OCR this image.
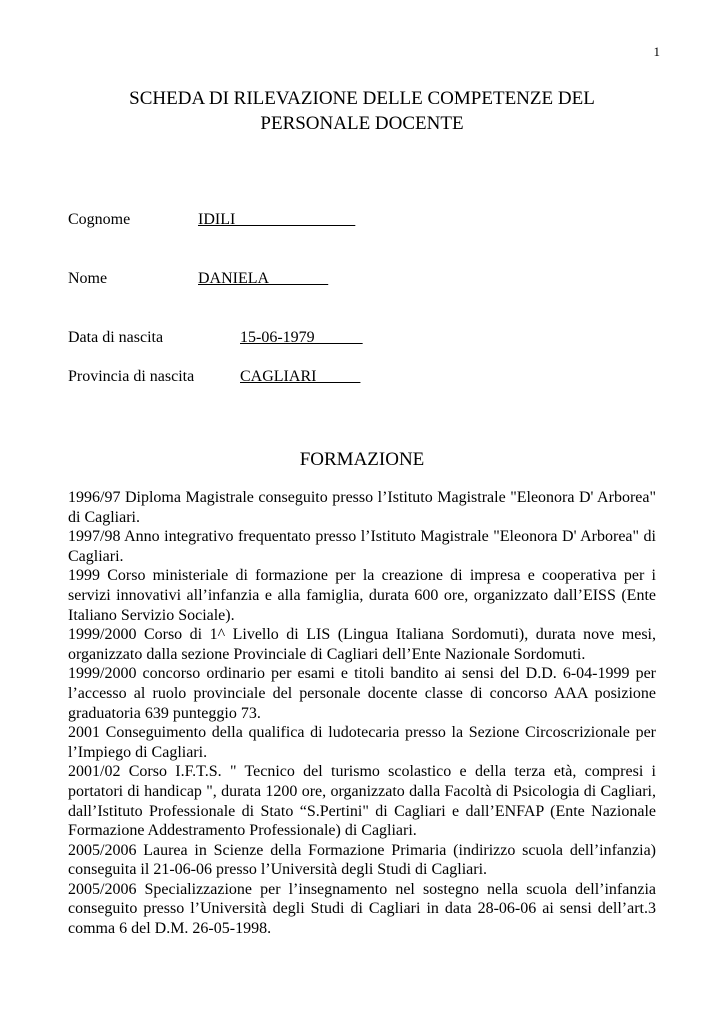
1
SCHEDA DI RILEVAZIONE DELLE COMPETENZE DEL
PERSONALE DOCENTE
Cognome	IDILI
Nome	DANIELA
Data di nascita	15-06-1979
Provincia di nascita	CAGLIARI
FORMAZIONE

1996/97 Diploma Magistrale conseguito presso l’Istituto Magistrale "Eleonora D' Arborea" di Cagliari.

1997/98 Anno integrativo frequentato presso l’Istituto Magistrale "Eleonora D' Arborea" di Cagliari.

1999 Corso ministeriale di formazione per la creazione di impresa e cooperativa per i servizi innovativi all’infanzia e alla famiglia, durata 600 ore, organizzato dall’EISS (Ente Italiano Servizio Sociale).

1999/2000 Corso di 1^ Livello di LIS (Lingua Italiana Sordomuti), durata nove mesi, organizzato dalla sezione Provinciale di Cagliari dell’Ente Nazionale Sordomuti.

1999/2000 concorso ordinario per esami e titoli bandito ai sensi del D.D. 6-04-1999 per l’accesso al ruolo provinciale del personale docente classe di concorso AAA posizione graduatoria 639 punteggio 73.

2001 Conseguimento della qualifica di ludotecaria presso la Sezione Circoscrizionale per l’Impiego di Cagliari.

2001/02 Corso I.F.T.S. " Tecnico del turismo scolastico e della terza età, compresi i portatori di handicap ", durata 1200 ore, organizzato dalla Facoltà di Psicologia di Cagliari, dall’Istituto Professionale di Stato “S.Pertini" di Cagliari e dall’ENFAP (Ente Nazionale Formazione Addestramento Professionale) di Cagliari.

2005/2006 Laurea in Scienze della Formazione Primaria (indirizzo scuola dell’infanzia) conseguita il 21-06-06 presso l’Università degli Studi di Cagliari.

2005/2006 Specializzazione per l’insegnamento nel sostegno nella scuola dell’infanzia conseguito presso l’Università degli Studi di Cagliari in data 28-06-06 ai sensi dell’art.3 comma 6 del D.M. 26-05-1998.
